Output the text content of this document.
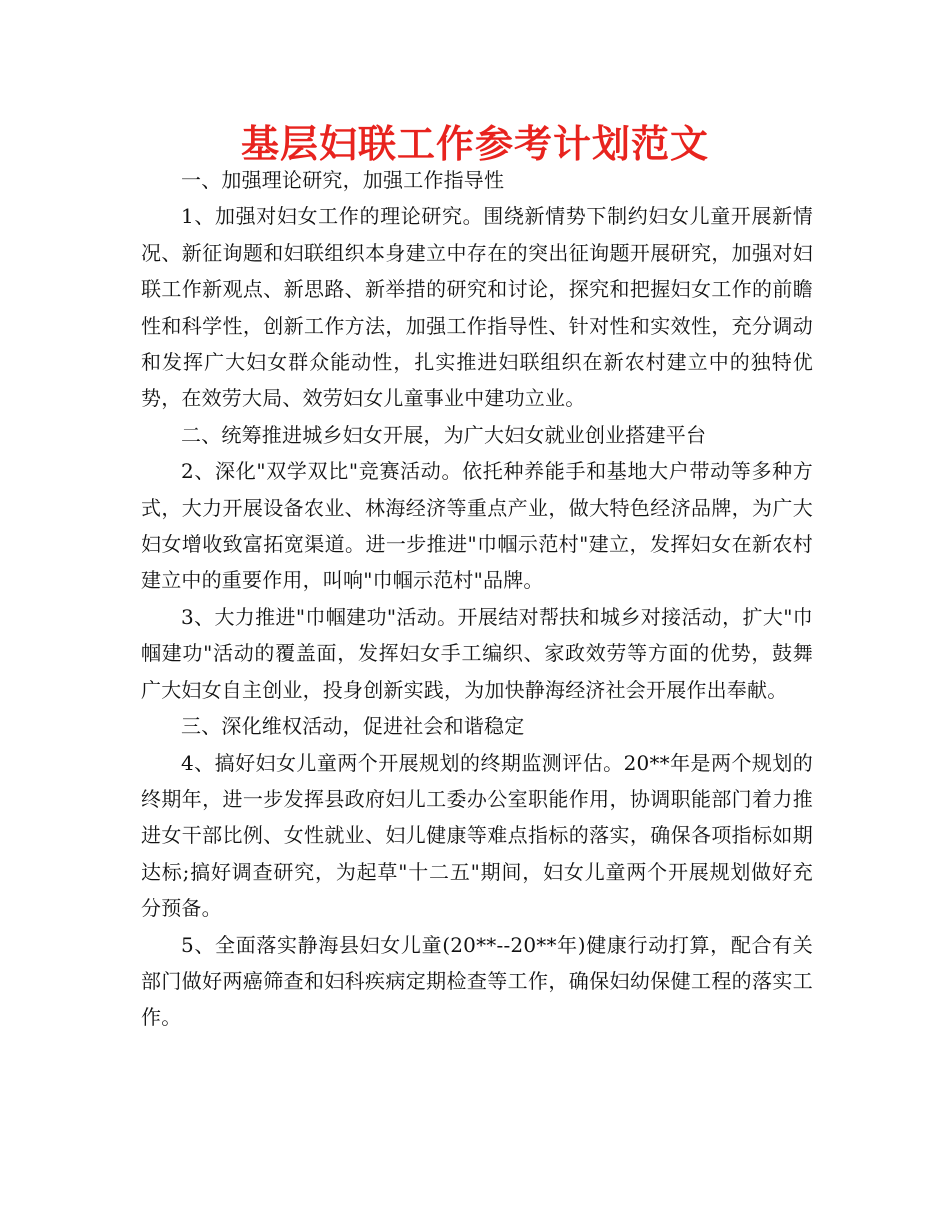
基层妇联工作参考计划范文

一、加强理论研究，加强工作指导性

1、加强对妇女工作的理论研究。围绕新情势下制约妇女儿童开展新情况、新征询题和妇联组织本身建立中存在的突出征询题开展研究，加强对妇联工作新观点、新思路、新举措的研究和讨论，探究和把握妇女工作的前瞻性和科学性，创新工作方法，加强工作指导性、针对性和实效性，充分调动和发挥广大妇女群众能动性，扎实推进妇联组织在新农村建立中的独特优势，在效劳大局、效劳妇女儿童事业中建功立业。

二、统筹推进城乡妇女开展，为广大妇女就业创业搭建平台

2、深化"双学双比"竞赛活动。依托种养能手和基地大户带动等多种方式，大力开展设备农业、林海经济等重点产业，做大特色经济品牌，为广大妇女增收致富拓宽渠道。进一步推进"巾帼示范村"建立，发挥妇女在新农村建立中的重要作用，叫响"巾帼示范村"品牌。

3、大力推进"巾帼建功"活动。开展结对帮扶和城乡对接活动，扩大"巾帼建功"活动的覆盖面，发挥妇女手工编织、家政效劳等方面的优势，鼓舞广大妇女自主创业，投身创新实践，为加快静海经济社会开展作出奉献。

三、深化维权活动，促进社会和谐稳定

4、搞好妇女儿童两个开展规划的终期监测评估。20**年是两个规划的终期年，进一步发挥县政府妇儿工委办公室职能作用，协调职能部门着力推进女干部比例、女性就业、妇儿健康等难点指标的落实，确保各项指标如期达标;搞好调查研究，为起草"十二五"期间，妇女儿童两个开展规划做好充分预备。

5、全面落实静海县妇女儿童(20**--20**年)健康行动打算，配合有关部门做好两癌筛查和妇科疾病定期检查等工作，确保妇幼保健工程的落实工作。
